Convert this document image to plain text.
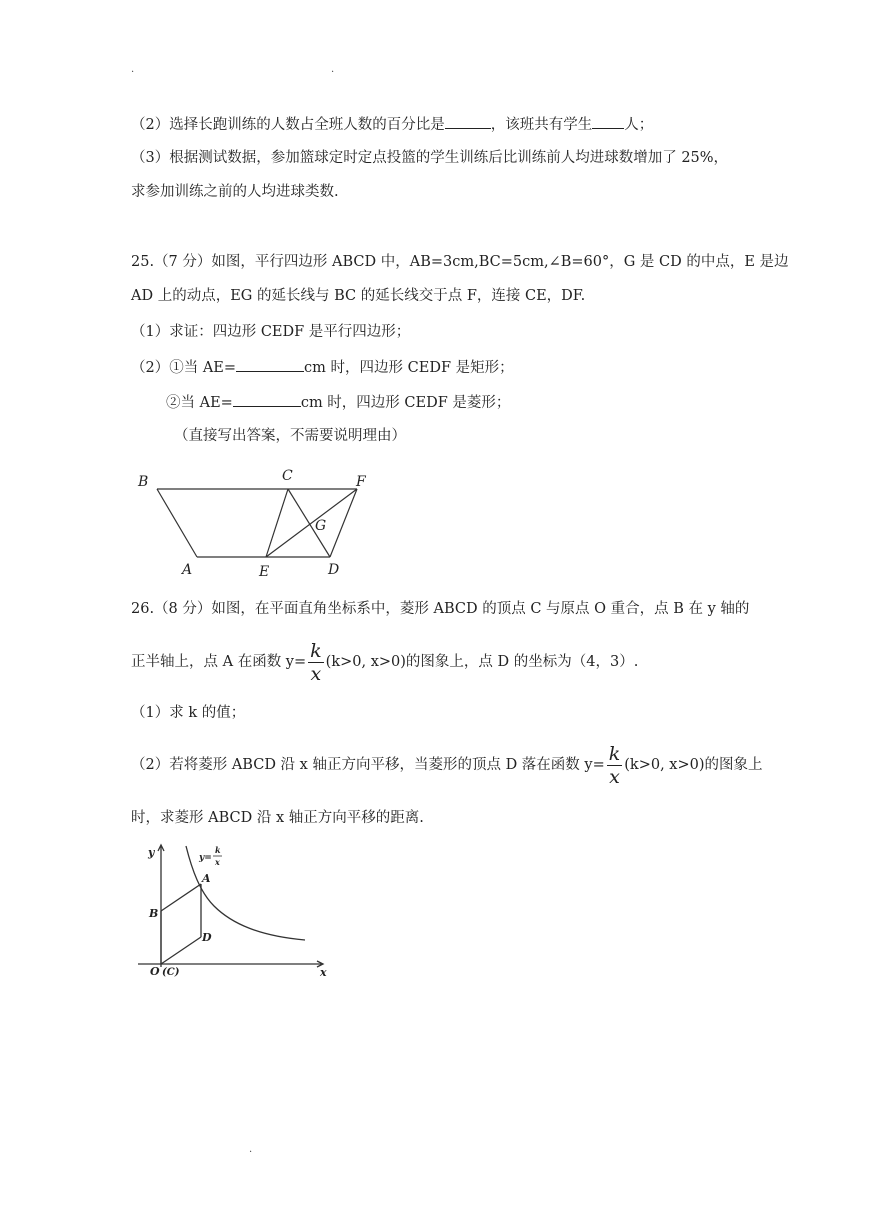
.	.
（2）选择长跑训练的人数占全班人数的百分比是	，该班共有学生 人；
（3）根据测试数据，参加篮球定时定点投篮的学生训练后比训练前人均进球数增加了 25%，
求参加训练之前的人均进球类数.
25.（7 分）如图，平行四边形 ABCD 中，AB=3cm,BC=5cm,∠B=60°，G 是 CD 的中点，E 是边
AD 上的动点，EG 的延长线与 BC 的延长线交于点 F，连接 CE，DF.
（1）求证：四边形 CEDF 是平行四边形；
（2）①当 AE=	cm 时，四边形 CEDF 是矩形；
②当 AE=	cm 时，四边形 CEDF 是菱形；
（直接写出答案，不需要说明理由）
B	C	F
G
A	E	D
26.（8 分）如图，在平面直角坐标系中，菱形 ABCD 的顶点 C 与原点 O 重合，点 B 在 y 轴的
正半轴上，点 A 在函数 $y= \frac{k}{x} (k>0$, x>0)的图象上，点 D 的坐标为（4，3）.
（1）求 k 的值；
（2）若将菱形 ABCD 沿 x 轴正方向平移，当菱形的顶点 D 落在函数 $y= \frac{k}{x} (k>0$, x>0)的图象上
时，求菱形 ABCD 沿 x 轴正方向平移的距离.
y
x
B
A
D
O (C)
y=
k
x
.
